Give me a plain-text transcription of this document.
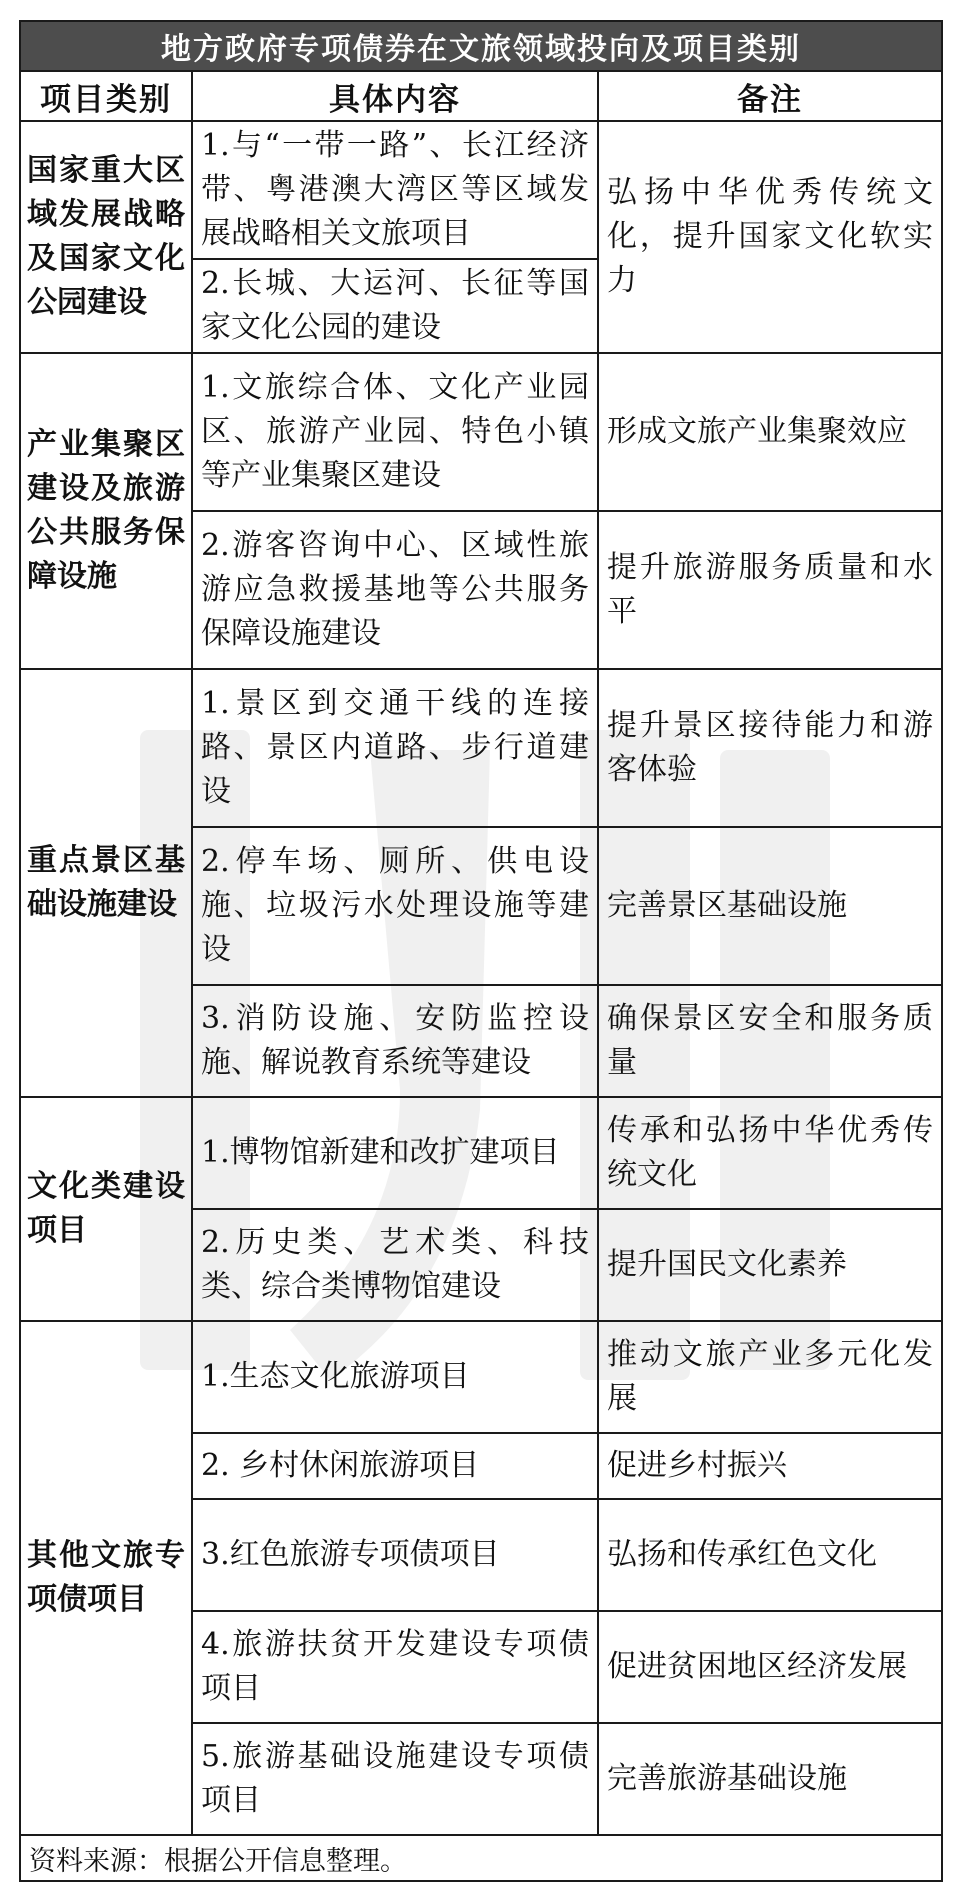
地方政府专项债券在文旅领域投向及项目类别		
项目类别	具体内容	备注
国家重大区域发展战略及国家文化公园建设	1.与“一带一路”、长江经济带、粤港澳大湾区等区域发展战略相关文旅项目	弘扬中华优秀传统文化，提升国家文化软实力
	2.长城、大运河、长征等国家文化公园的建设	
产业集聚区建设及旅游公共服务保障设施	1.文旅综合体、文化产业园区、旅游产业园、特色小镇等产业集聚区建设	形成文旅产业集聚效应
	2.游客咨询中心、区域性旅游应急救援基地等公共服务保障设施建设	提升旅游服务质量和水平
重点景区基础设施建设	1.景区到交通干线的连接路、景区内道路、步行道建设	提升景区接待能力和游客体验
	2.停车场、厕所、供电设施、垃圾污水处理设施等建设	完善景区基础设施
	3.消防设施、安防监控设施、解说教育系统等建设	确保景区安全和服务质量
文化类建设项目	1.博物馆新建和改扩建项目	传承和弘扬中华优秀传统文化
	2.历史类、艺术类、科技类、综合类博物馆建设	提升国民文化素养
其他文旅专项债项目	1.生态文化旅游项目	推动文旅产业多元化发展
	2. 乡村休闲旅游项目	促进乡村振兴
	3.红色旅游专项债项目	弘扬和传承红色文化
	4.旅游扶贫开发建设专项债项目	促进贫困地区经济发展
	5.旅游基础设施建设专项债项目	完善旅游基础设施
资料来源：根据公开信息整理。		
